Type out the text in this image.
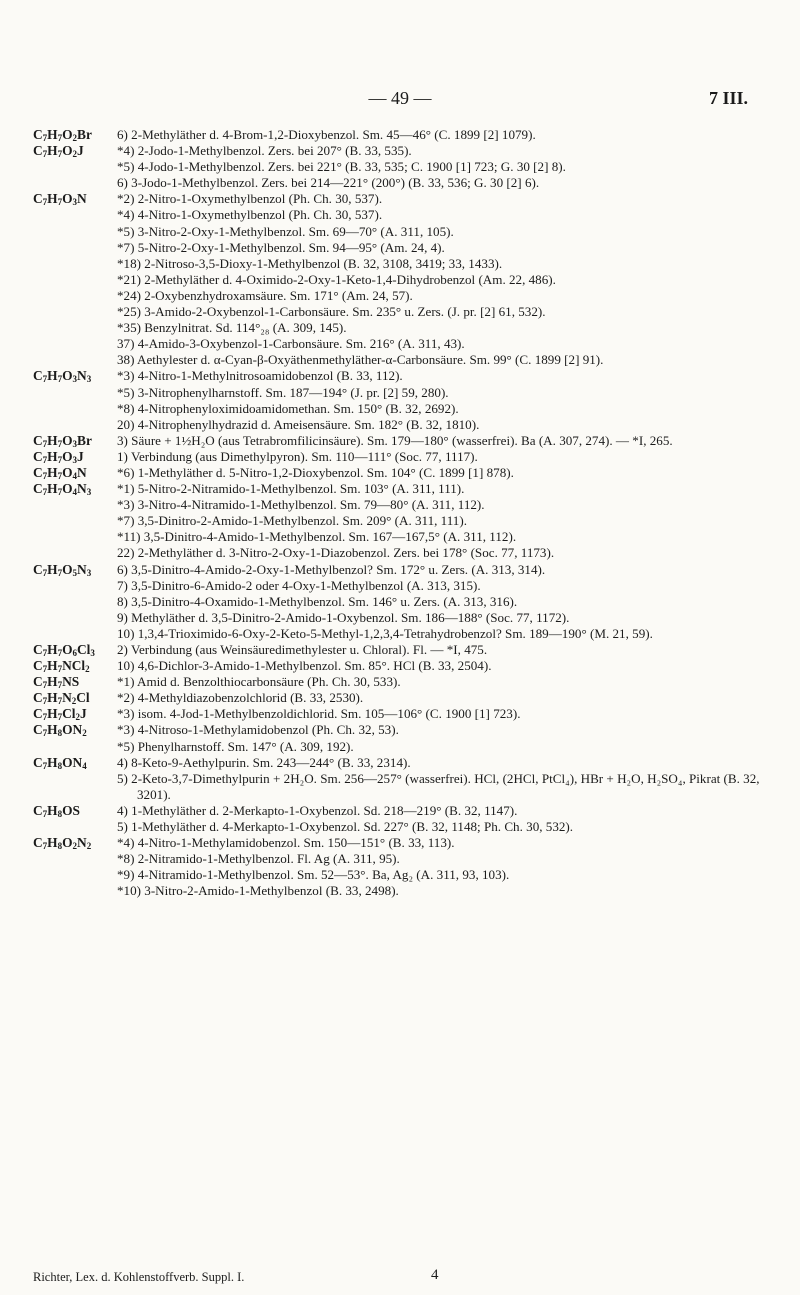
— 49 —	7 III.
$C_7H_7O_2Br$	6) 2-Methyläther d. 4-Brom-1,2-Dioxybenzol. Sm. 45—46° (C. 1899 [2] 1079).
$C_7H_7O_2J$	*4) 2-Jodo-1-Methylbenzol. Zers. bei 207° (B. 33, 535).
*5) 4-Jodo-1-Methylbenzol. Zers. bei 221° (B. 33, 535; C. 1900 [1] 723; G. 30 [2] 8).
6) 3-Jodo-1-Methylbenzol. Zers. bei 214—221° (200°) (B. 33, 536; G. 30 [2] 6).
$C_7H_7O_3N$	*2) 2-Nitro-1-Oxymethylbenzol (Ph. Ch. 30, 537).
*4) 4-Nitro-1-Oxymethylbenzol (Ph. Ch. 30, 537).
*5) 3-Nitro-2-Oxy-1-Methylbenzol. Sm. 69—70° (A. 311, 105).
*7) 5-Nitro-2-Oxy-1-Methylbenzol. Sm. 94—95° (Am. 24, 4).
*18) 2-Nitroso-3,5-Dioxy-1-Methylbenzol (B. 32, 3108, 3419; 33, 1433).
*21) 2-Methyläther d. 4-Oximido-2-Oxy-1-Keto-1,4-Dihydrobenzol (Am. 22, 486).
*24) 2-Oxybenzhydroxamsäure. Sm. 171° (Am. 24, 57).
*25) 3-Amido-2-Oxybenzol-1-Carbonsäure. Sm. 235° u. Zers. (J. pr. [2] 61, 532).
*35) Benzylnitrat. Sd. 114°₂₈ (A. 309, 145).
37) 4-Amido-3-Oxybenzol-1-Carbonsäure. Sm. 216° (A. 311, 43).
38) Aethylester d. α-Cyan-β-Oxyäthenmethyläther-α-Carbonsäure. Sm. 99° (C. 1899 [2] 91).
$C_7H_7O_3N_3$	*3) 4-Nitro-1-Methylnitrosoamidobenzol (B. 33, 112).
*5) 3-Nitrophenylharnstoff. Sm. 187—194° (J. pr. [2] 59, 280).
*8) 4-Nitrophenyloximidoamidomethan. Sm. 150° (B. 32, 2692).
20) 4-Nitrophenylhydrazid d. Ameisensäure. Sm. 182° (B. 32, 1810).
$C_7H_7O_3Br$	3) Säure + 1½H₂O (aus Tetrabromfilicinsäure). Sm. 179—180° (wasserfrei). Ba (A. 307, 274). — *I, 265.
$C_7H_7O_3J$	1) Verbindung (aus Dimethylpyron). Sm. 110—111° (Soc. 77, 1117).
$C_7H_7O_4N$	*6) 1-Methyläther d. 5-Nitro-1,2-Dioxybenzol. Sm. 104° (C. 1899 [1] 878).
$C_7H_7O_4N_3$	*1) 5-Nitro-2-Nitramido-1-Methylbenzol. Sm. 103° (A. 311, 111).
*3) 3-Nitro-4-Nitramido-1-Methylbenzol. Sm. 79—80° (A. 311, 112).
*7) 3,5-Dinitro-2-Amido-1-Methylbenzol. Sm. 209° (A. 311, 111).
*11) 3,5-Dinitro-4-Amido-1-Methylbenzol. Sm. 167—167,5° (A. 311, 112).
22) 2-Methyläther d. 3-Nitro-2-Oxy-1-Diazobenzol. Zers. bei 178° (Soc. 77, 1173).
$C_7H_7O_5N_3$	6) 3,5-Dinitro-4-Amido-2-Oxy-1-Methylbenzol? Sm. 172° u. Zers. (A. 313, 314).
7) 3,5-Dinitro-6-Amido-2 oder 4-Oxy-1-Methylbenzol (A. 313, 315).
8) 3,5-Dinitro-4-Oxamido-1-Methylbenzol. Sm. 146° u. Zers. (A. 313, 316).
9) Methyläther d. 3,5-Dinitro-2-Amido-1-Oxybenzol. Sm. 186—188° (Soc. 77, 1172).
10) 1,3,4-Trioximido-6-Oxy-2-Keto-5-Methyl-1,2,3,4-Tetrahydrobenzol? Sm. 189—190° (M. 21, 59).
$C_7H_7O_6Cl_3$	2) Verbindung (aus Weinsäuredimethylester u. Chloral). Fl. — *I, 475.
$C_7H_7NCl_2$	10) 4,6-Dichlor-3-Amido-1-Methylbenzol. Sm. 85°. HCl (B. 33, 2504).
$C_7H_7NS$	*1) Amid d. Benzolthiocarbonsäure (Ph. Ch. 30, 533).
$C_7H_7N_2Cl$	*2) 4-Methyldiazobenzolchlorid (B. 33, 2530).
$C_7H_7Cl_2J$	*3) isom. 4-Jod-1-Methylbenzoldichlorid. Sm. 105—106° (C. 1900 [1] 723).
$C_7H_8ON_2$	*3) 4-Nitroso-1-Methylamidobenzol (Ph. Ch. 32, 53).
*5) Phenylharnstoff. Sm. 147° (A. 309, 192).
$C_7H_8ON_4$	4) 8-Keto-9-Aethylpurin. Sm. 243—244° (B. 33, 2314).
5) 2-Keto-3,7-Dimethylpurin + 2H₂O. Sm. 256—257° (wasserfrei). HCl, (2HCl, PtCl₄), HBr + H₂O, H₂SO₄, Pikrat (B. 32, 3201).
$C_7H_8OS$	4) 1-Methyläther d. 2-Merkapto-1-Oxybenzol. Sd. 218—219° (B. 32, 1147).
5) 1-Methyläther d. 4-Merkapto-1-Oxybenzol. Sd. 227° (B. 32, 1148; Ph. Ch. 30, 532).
$C_7H_8O_2N_2$	*4) 4-Nitro-1-Methylamidobenzol. Sm. 150—151° (B. 33, 113).
*8) 2-Nitramido-1-Methylbenzol. Fl. Ag (A. 311, 95).
*9) 4-Nitramido-1-Methylbenzol. Sm. 52—53°. Ba, Ag₂ (A. 311, 93, 103).
*10) 3-Nitro-2-Amido-1-Methylbenzol (B. 33, 2498).
Richter, Lex. d. Kohlenstoffverb. Suppl. I.	4
